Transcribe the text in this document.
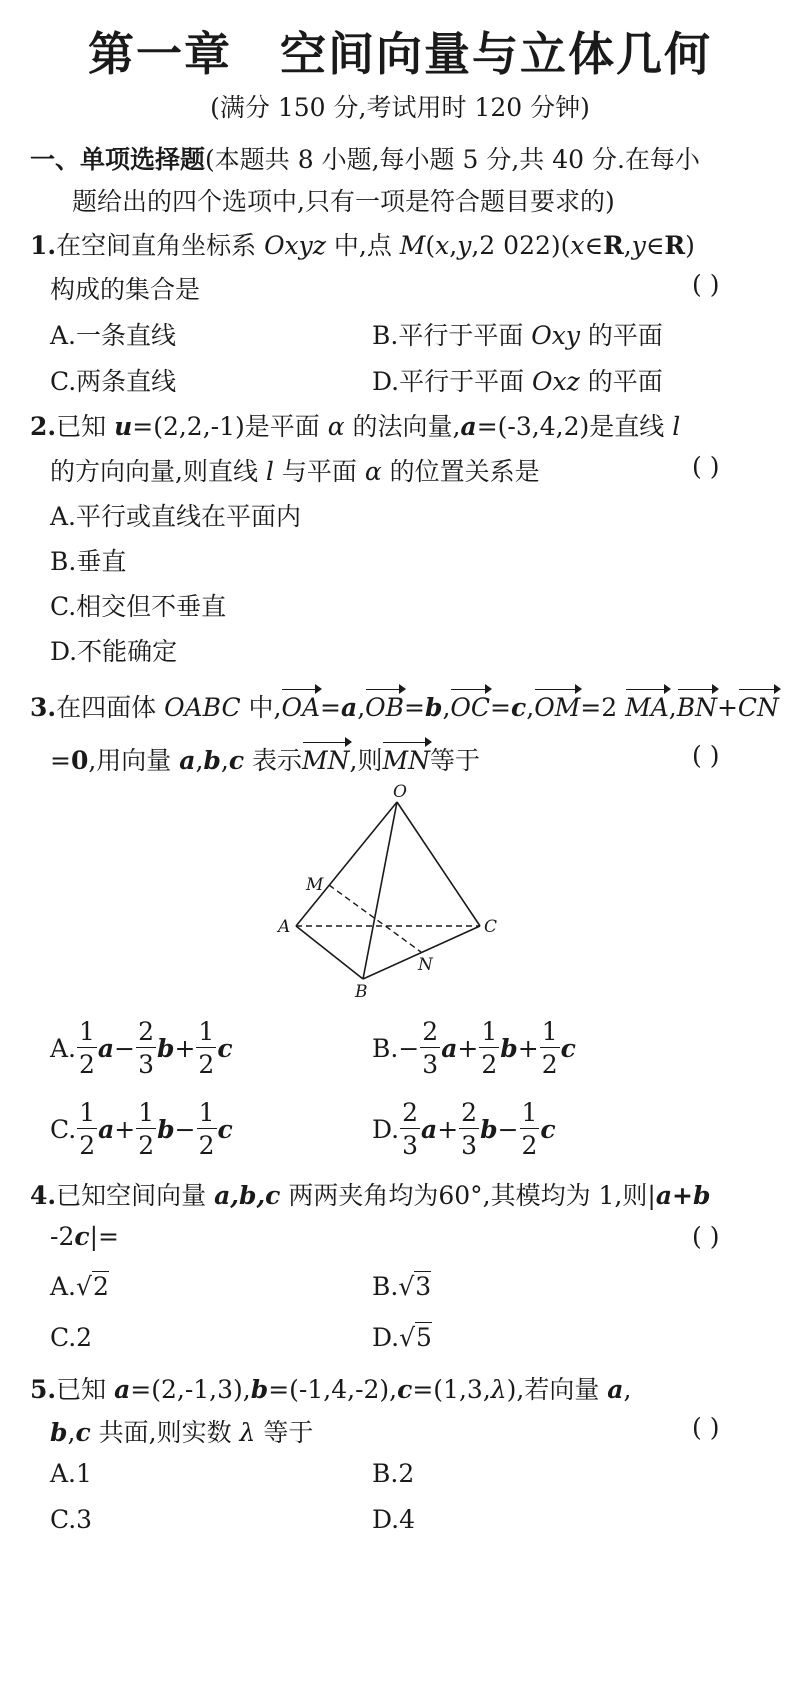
第一章　空间向量与立体几何
(满分 150 分,考试用时 120 分钟)
一、单项选择题(本题共 8 小题,每小题 5 分,共 40 分.在每小
题给出的四个选项中,只有一项是符合题目要求的)
1.在空间直角坐标系 Oxyz 中,点 M(x,y,2 022)(x∈R,y∈R)
构成的集合是	( )
A.一条直线	B.平行于平面 Oxy 的平面
C.两条直线	D.平行于平面 Oxz 的平面
2.已知 u=(2,2,-1)是平面 α 的法向量,a=(-3,4,2)是直线 l
的方向向量,则直线 l 与平面 α 的位置关系是	( )
A.平行或直线在平面内
B.垂直
C.相交但不垂直
D.不能确定
3.在四面体 OABC 中,OA=a,OB=b,OC=c,OM=2 MA,BN+CN
=0,用向量 a,b,c 表示MN,则MN等于	( )
O
M
A	C
N
B
A. $\frac{1}{2}$ $a - \frac{2}{3}$ $b + \frac{1}{2}$ c	B. − $\frac{2}{3}$ $a + \frac{1}{2}$ $b + \frac{1}{2}$ c
C. $\frac{1}{2}$ $a + \frac{1}{2}$ $b - \frac{1}{2}$ c	D. $\frac{2}{3}$ $a + \frac{2}{3}$ $b - \frac{1}{2}$ c
4.已知空间向量 a,b,c 两两夹角均为60°,其模均为 1,则|a+b
-2c|=	( )
A.√2	B.√3
C.2	D.√5
5.已知 a=(2,-1,3),b=(-1,4,-2),c=(1,3,λ),若向量 a,
b,c 共面,则实数 λ 等于	( )
A.1	B.2
C.3	D.4
